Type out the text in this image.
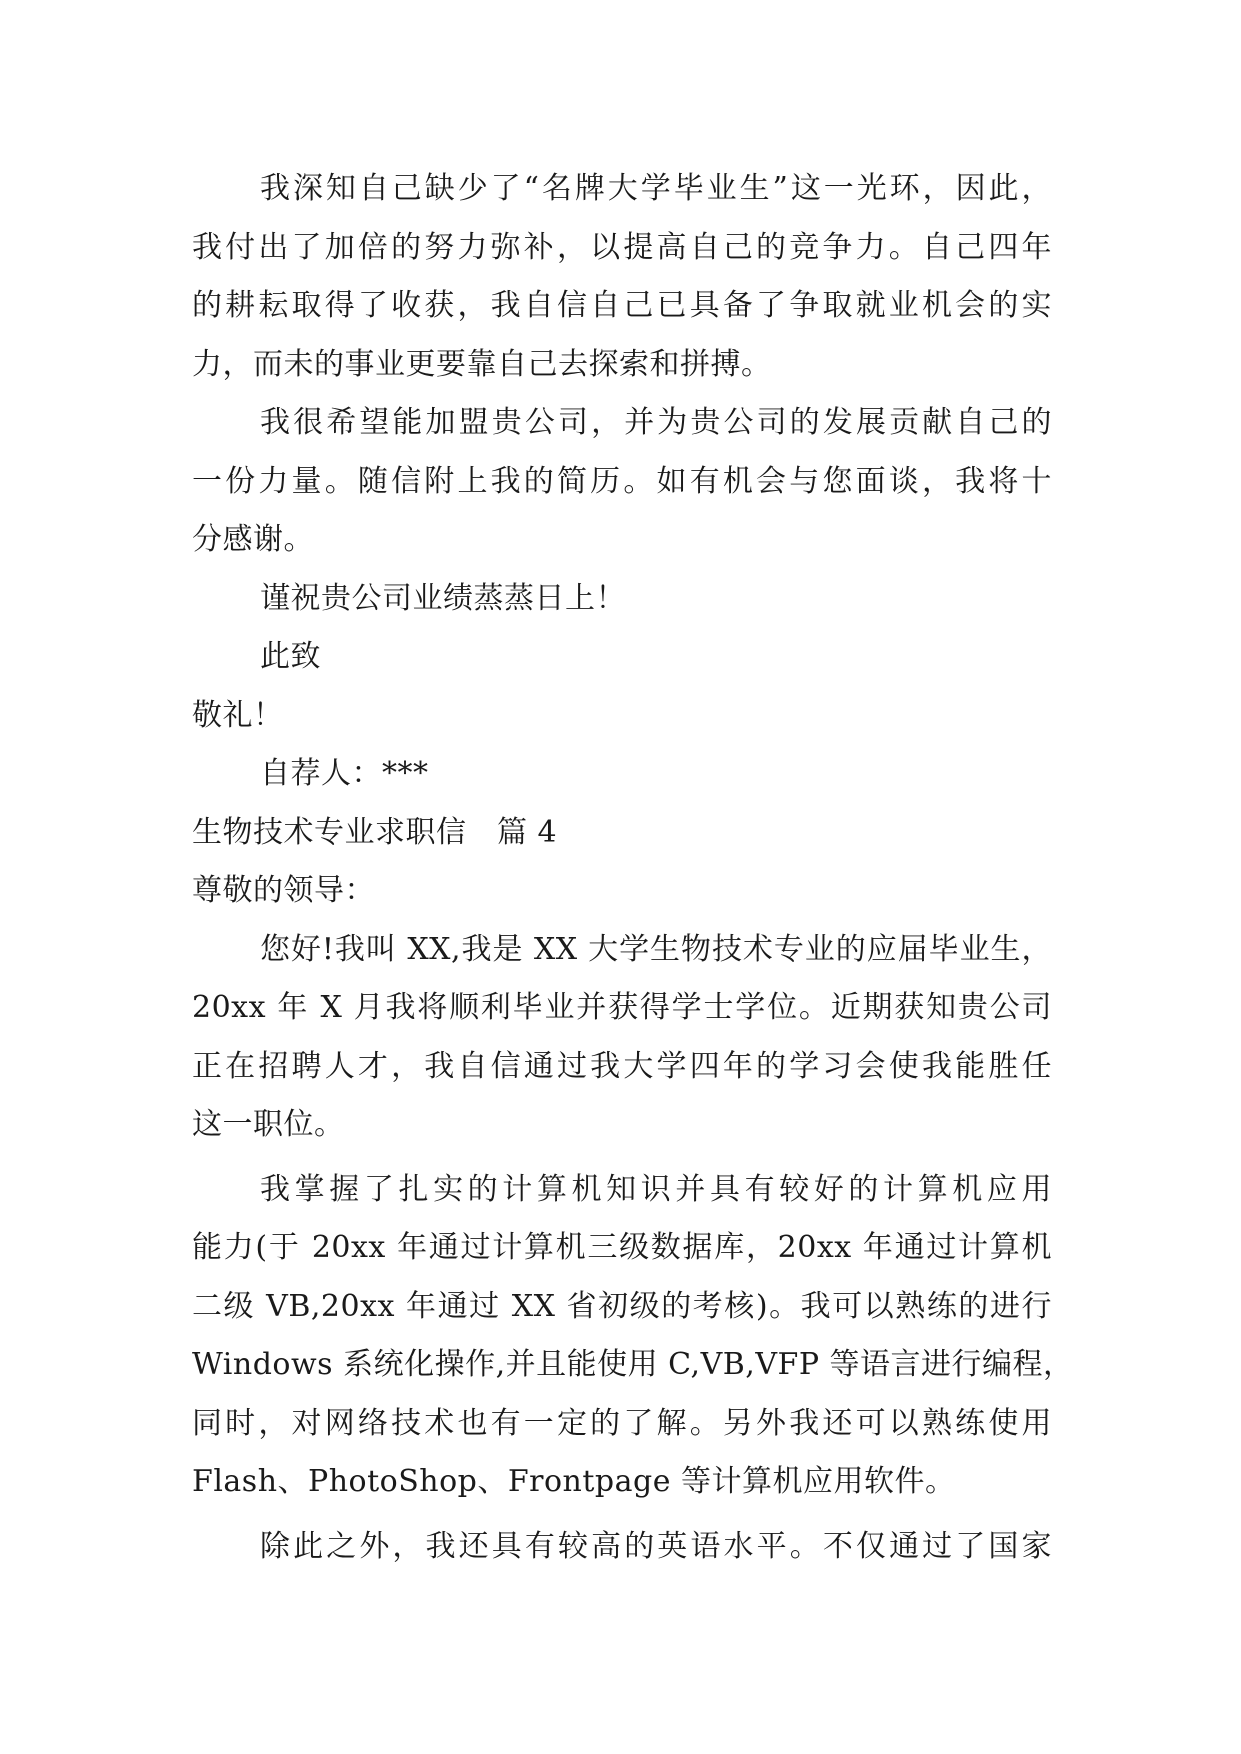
我深知自己缺少了“名牌大学毕业生”这一光环，因此，
我付出了加倍的努力弥补，以提高自己的竞争力。自己四年
的耕耘取得了收获，我自信自己已具备了争取就业机会的实
力，而未的事业更要靠自己去探索和拼搏。
我很希望能加盟贵公司，并为贵公司的发展贡献自己的
一份力量。随信附上我的简历。如有机会与您面谈，我将十
分感谢。
谨祝贵公司业绩蒸蒸日上！
此致
敬礼！
自荐人：***
生物技术专业求职信　篇 4
尊敬的领导：
您好!我叫 XX,我是 XX 大学生物技术专业的应届毕业生，
20xx 年 X 月我将顺利毕业并获得学士学位。近期获知贵公司
正在招聘人才，我自信通过我大学四年的学习会使我能胜任
这一职位。
我掌握了扎实的计算机知识并具有较好的计算机应用
能力(于 20xx 年通过计算机三级数据库，20xx 年通过计算机
二级 VB,20xx 年通过 XX 省初级的考核)。我可以熟练的进行
Windows 系统化操作,并且能使用 C,VB,VFP 等语言进行编程，
同时，对网络技术也有一定的了解。另外我还可以熟练使用
Flash、PhotoShop、Frontpage 等计算机应用软件。
除此之外，我还具有较高的英语水平。不仅通过了国家
